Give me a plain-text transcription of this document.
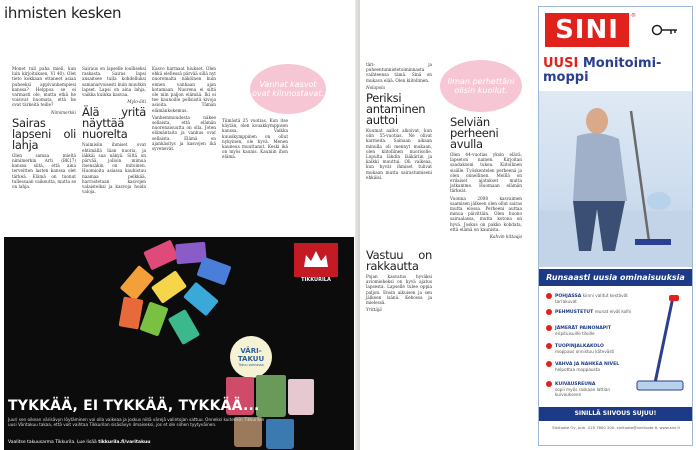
ihmisten kesken

Monet tuli paha mieli, kun luin kirjoituksen, Vl 40). Olet tieto kokkaan ottaneet asiaa puheeksi appivanhempiesi kanssa? Helppoa se ei varmasti ole, mutta etkä he voisivat huomata, että he ovat tärkeitä teille?

Nimimerkki

Sairas lapseni oli lahja

Olen samaa mieltä nimimerkin Arti (BK17) kanssa siitä, että aina terveitten lasten kanssa olet tärkeä. Elämä on tuonut tullessaan vaikeutta, mutta se on lahja.

Sairaus on lapselle loulliseksi raskasta. Sairas lapsi ansaitsee tulla kohdelluksi samanarvoisesti kuin muutkin lapset. Lapsi on aina lahja, vaikka kuinka kasvaa.

Mylo-äiti

Älä yritä näyttää nuorelta

Naimisiin ihmiset ovat ehtimällä liian nuoria, ja iäkkäi saa näkyä. Siltä on pärvää, jolloin mimua itsensäkin on mitoinen. Huomioita asiassa kauhistuu naamaa pelkkää, harrastetaan kasvojen valaisteiksi ja kasvoja hoida valoja.

Kasvo harmaat hiukset. Olen ehkä elellessä pärvää sillä nyt nuoremalta näköinen kuin ennen vanhaan ajan kotamaan. Nuorena ei siltä ole niin paljon elämää. Iki ei tee kaunoille pellsiistä kivoja asioita. Tämän elämänkokemus.

Vanhemmuudesta näkee sellaista, että elämän nuorenaisuutta on olla. Joten elämäntaito ja vanhus ovat sellaista. Elämä on ajankäsitys ja kasvojen ikä syvenevät.

Vanhat kasvot ovat kiinnostavat.

Tiimästä 25 vuotias. Kun itse käytän, olen kouakkymppisen kanssa. Vaikka kuusikymppinen on ollut nykyinen, ole hyvä. Menen kauneus muuttanut. Keski ikä on myös kaunis. Kauniin ihon elämä.

TIKKURILA
VÄRI-TAKUU
Takuu voimassa
TYKKÄÄ, EI TYKKÄÄ, TYKKÄÄ...
Juuri sen oikean värisävyn löytäminen voi olla vaikeaa ja joskus niitä värejä valintojan sattuu. Onneksi kuitenkin Tikkurilan uusi Väritakuu takaa, että voit vaihtaa Tikkurilan sisäsävyn ilmaiseksi, jos et ole siihen tyytyväinen.
Vaalitse takuusarma Tikkurila. Lue lisää tikkurila.fi/varitakuu

täri- ja puheentunnistetoiminnasta vaihteensa tämä. Sinä on mukava elää. Olen kiitollinen.

Nolapola

Periksi antaminen auttoi

Kuumat aallot alkoivat, kun olin 55-vuotias. Ne olivat karmeita. Sainaan aikaan minulla oli mennyt mukaan, olen kiitollinen nuorisolle. Lopulta lähdin lääkäriin ja kaikki muuttui. Oli vaikeaa, kun hyvät ihmiset tulivat mukaan mutta sairastumiseni ehkäisi.

Vastuu on rakkautta

Pojan kasvatus hyväksi aviomieheksi on hyvä ajatus lapsesta. Lapselle tulee oppia paljon. Ensin aikuisen ja sen jälkeen isänä. Kehossa ja mielessä.

Yrittäjä

Ilman perhettäni olisin kuollut.
Selviän perheeni avulla

Olen 44-vuotias yksin elävä, lapseton nainen. Kirjoitan saadakseni tukea. Kiitollinen sisälle. Työskentelen perheenä ja olen onnellinen. Meillä on erilaiset ajatukset mutta jatkamme. Huomaan elämän tärkeät.

Vuonna 2008 kasvaimen saamisen jälkeen olen ollut sairas mutta elossa. Perheeni auttaa minua päivittäin. Olen huono sairaalassa, mutta kotona on hyvä. Joskus on pakko kohdata, että elämä on kaunista.

Kahvin kittaaja

SINI	®
UUSI Monitoimi-moppi
Runsaasti uusia ominaisuuksia
POHJASSA kiinni valitut kestävät tarrakuvat
PEHMUSTETUT reunat eivät kolhi
JÄMERÄT PAINONAPIT
eripituisuille tiloille
TUOPINJALKAKOLO
moppaus onnistuu kätevästi
VAHVA JA NAHKEA NIVEL
helpottaa moppausta
KUIVAUSREUNA
sopii myös raskaan lattian kuivaukseen
SINILLÄ SIIVOUS SUJUU!
Sinituote Oy, puh. 019 7600 200, sinituote@sinituote.fi, www.sini.fi
